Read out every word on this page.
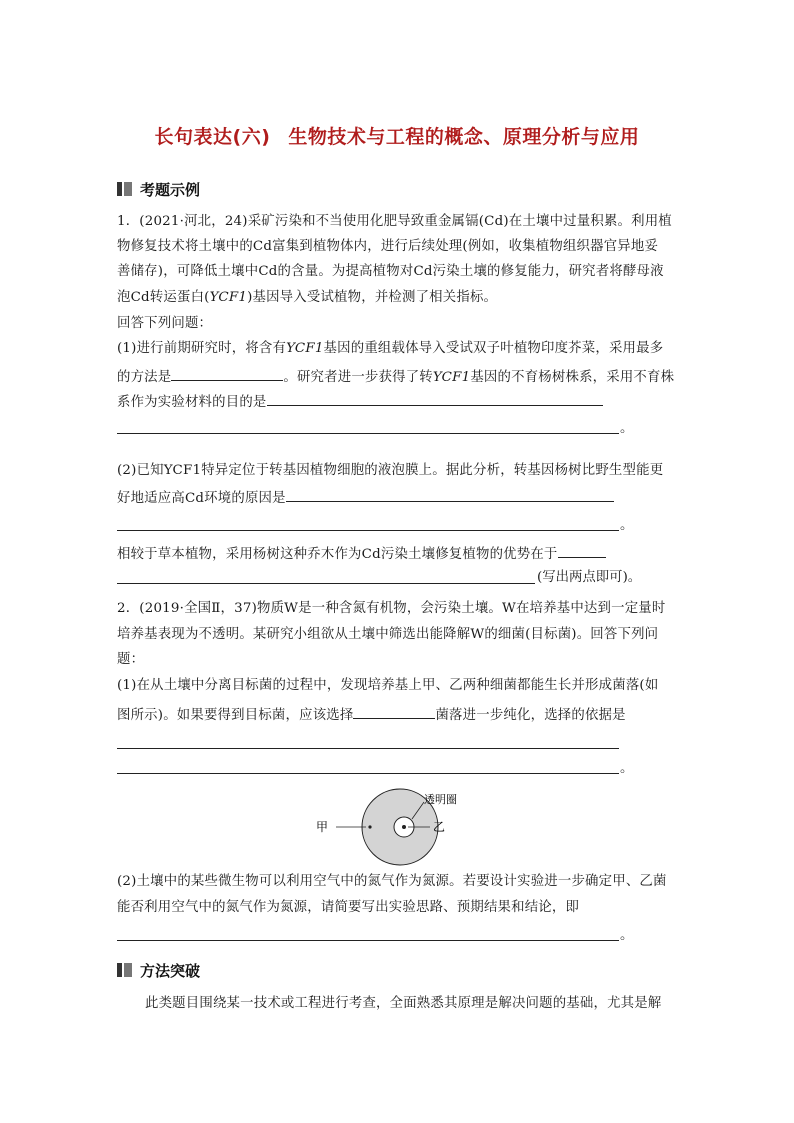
长句表达(六) 生物技术与工程的概念、原理分析与应用
考题示例
1．(2021·河北，24)采矿污染和不当使用化肥导致重金属镉(Cd)在土壤中过量积累。利用植
物修复技术将土壤中的Cd富集到植物体内，进行后续处理(例如，收集植物组织器官异地妥
善储存)，可降低土壤中Cd的含量。为提高植物对Cd污染土壤的修复能力，研究者将酵母液
泡Cd转运蛋白(YCF1)基因导入受试植物，并检测了相关指标。
回答下列问题：
(1)进行前期研究时，将含有YCF1基因的重组载体导入受试双子叶植物印度芥菜，采用最多
的方法是	。研究者进一步获得了转YCF1基因的不育杨树株系，采用不育株
系作为实验材料的目的是
。
(2)已知YCF1特异定位于转基因植物细胞的液泡膜上。据此分析，转基因杨树比野生型能更
好地适应高Cd环境的原因是
。
相较于草本植物，采用杨树这种乔木作为Cd污染土壤修复植物的优势在于
(写出两点即可)。
2．(2019·全国Ⅱ，37)物质W是一种含氮有机物，会污染土壤。W在培养基中达到一定量时
培养基表现为不透明。某研究小组欲从土壤中筛选出能降解W的细菌(目标菌)。回答下列问
题：
(1)在从土壤中分离目标菌的过程中，发现培养基上甲、乙两种细菌都能生长并形成菌落(如
图所示)。如果要得到目标菌，应该选择	菌落进一步纯化，选择的依据是
。
甲	乙
透明圈
(2)土壤中的某些微生物可以利用空气中的氮气作为氮源。若要设计实验进一步确定甲、乙菌
能否利用空气中的氮气作为氮源，请简要写出实验思路、预期结果和结论，即
。
方法突破
此类题目围绕某一技术或工程进行考查，全面熟悉其原理是解决问题的基础，尤其是解
